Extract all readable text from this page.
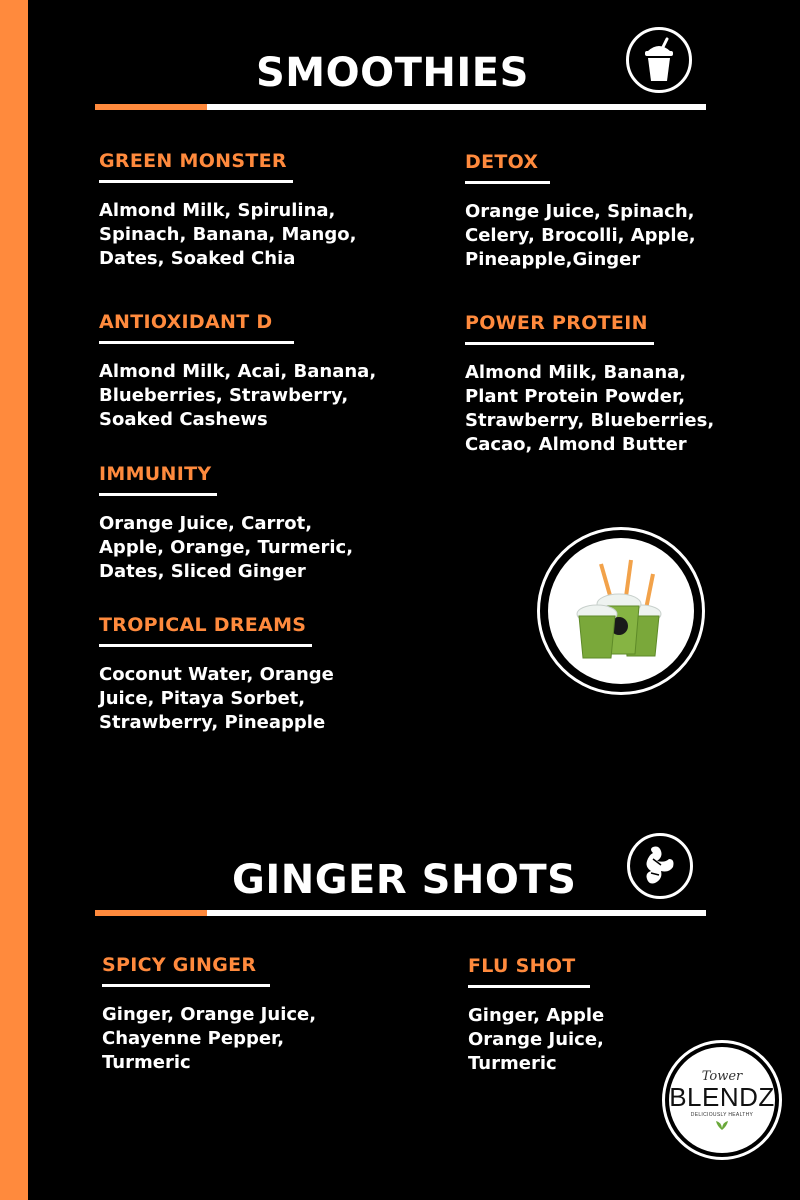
SMOOTHIES
GREEN MONSTER
Almond Milk, Spirulina, Spinach, Banana, Mango, Dates, Soaked Chia
DETOX
Orange Juice, Spinach, Celery, Brocolli, Apple, Pineapple,Ginger
ANTIOXIDANT D
Almond Milk, Acai, Banana, Blueberries, Strawberry, Soaked Cashews
POWER PROTEIN
Almond Milk, Banana, Plant Protein Powder, Strawberry, Blueberries, Cacao, Almond Butter
IMMUNITY
Orange Juice, Carrot, Apple, Orange, Turmeric, Dates, Sliced Ginger
TROPICAL DREAMS
Coconut Water, Orange Juice, Pitaya Sorbet, Strawberry, Pineapple
GINGER SHOTS
SPICY GINGER
Ginger, Orange Juice, Chayenne Pepper, Turmeric
FLU SHOT
Ginger, Apple Orange Juice, Turmeric
Tower
BLENDZ
DELICIOUSLY HEALTHY
